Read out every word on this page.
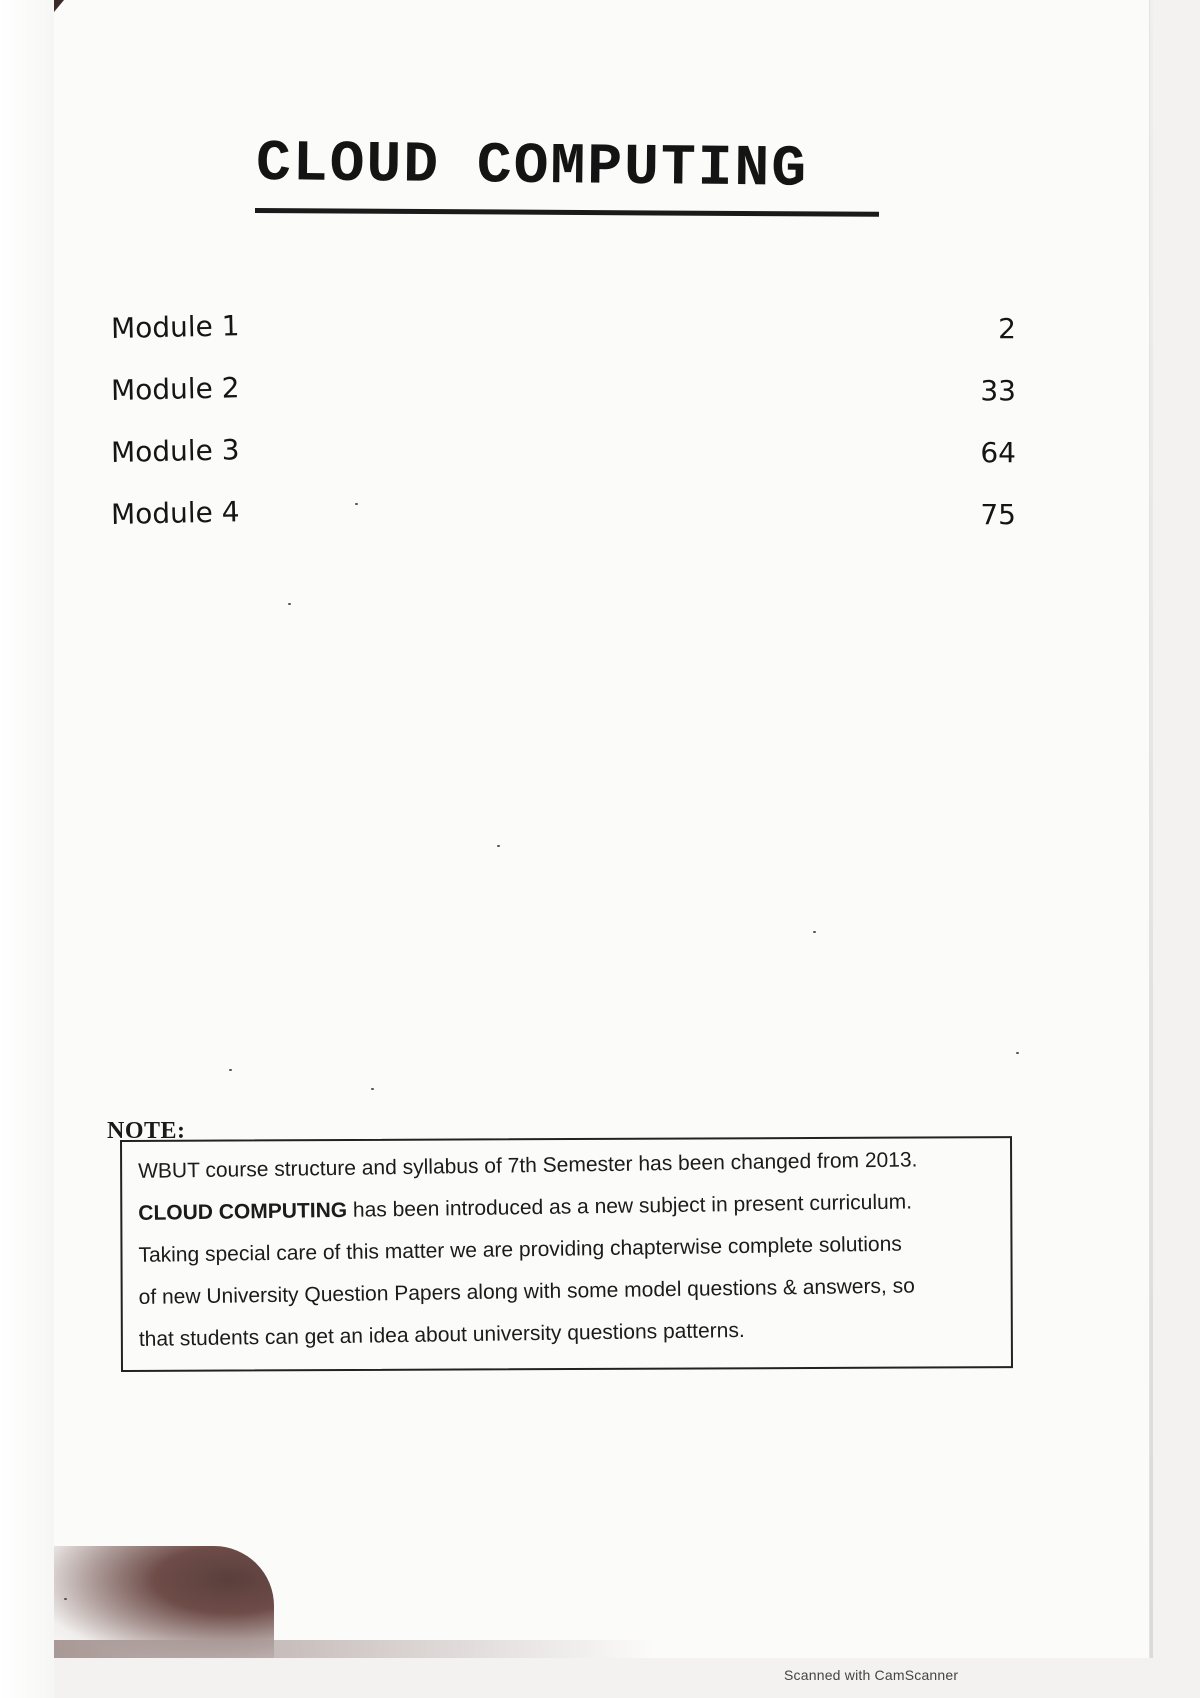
CLOUD COMPUTING
Module 1	2
Module 2	33
Module 3	64
Module 4	75
NOTE:
WBUT course structure and syllabus of 7th Semester has been changed from 2013.
CLOUD COMPUTING has been introduced as a new subject in present curriculum.
Taking special care of this matter we are providing chapterwise complete solutions
of new University Question Papers along with some model questions & answers, so
that students can get an idea about university questions patterns.
Scanned with CamScanner
